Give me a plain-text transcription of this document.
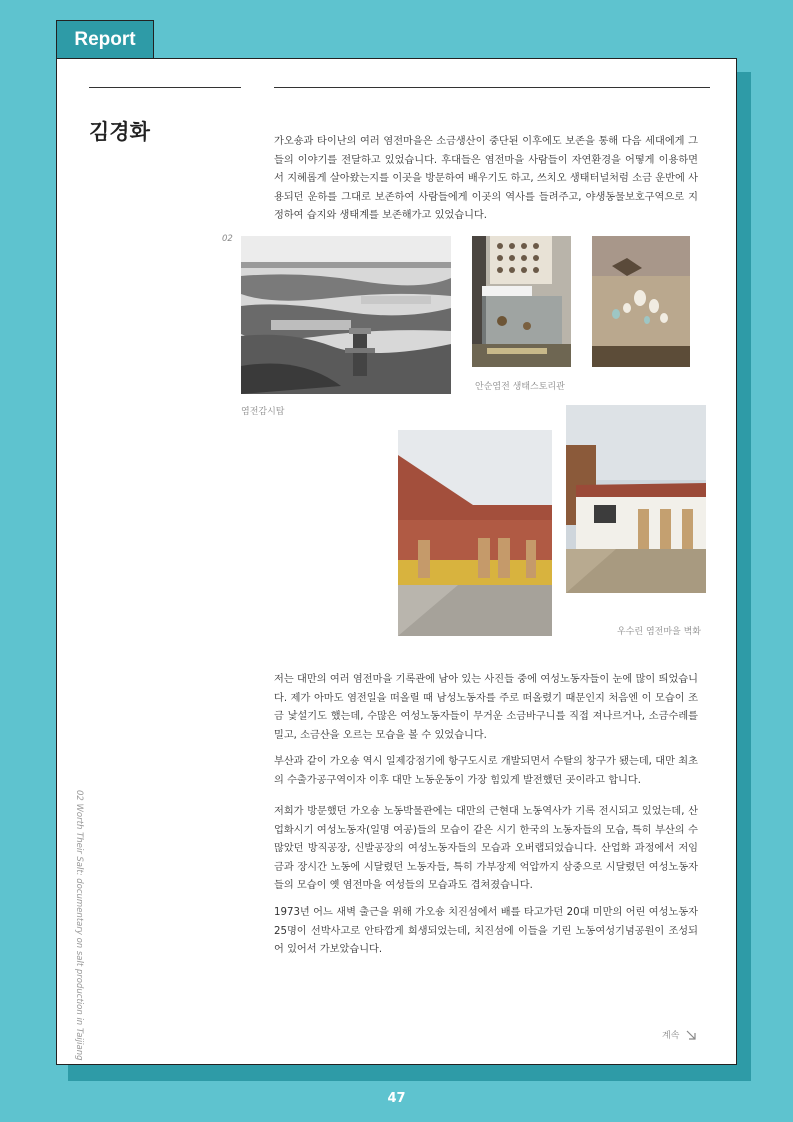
Report
김경화	가오숑과 타이난의 여러 염전마을은 소금생산이 중단된 이후에도 보존을 통해 다음 세대에게 그들의 이야기를 전달하고 있었습니다. 후대들은 염전마을 사람들이 자연환경을 어떻게 이용하면서 지혜롭게 살아왔는지를 이곳을 방문하여 배우기도 하고, 쓰치오 생태터널처럼 소금 운반에 사용되던 운하를 그대로 보존하여 사람들에게 이곳의 역사를 들려주고, 야생동물보호구역으로 지정하여 습지와 생태계를 보존해가고 있었습니다.

02
염전감시탑
안순염전 생태스토리관
우수린 염전마을 벽화

저는 대만의 여러 염전마을 기록관에 남아 있는 사진들 중에 여성노동자들이 눈에 많이 띄었습니다. 제가 아마도 염전일을 떠올릴 때 남성노동자를 주로 떠올렸기 때문인지 처음엔 이 모습이 조금 낯설기도 했는데, 수많은 여성노동자들이 무거운 소금바구니를 직접 져나르거나, 소금수레를 밀고, 소금산을 오르는 모습을 볼 수 있었습니다.

부산과 같이 가오숑 역시 일제강점기에 항구도시로 개발되면서 수탈의 창구가 됐는데, 대만 최초의 수출가공구역이자 이후 대만 노동운동이 가장 힘있게 발전했던 곳이라고 합니다.

저희가 방문했던 가오숑 노동박물관에는 대만의 근현대 노동역사가 기록 전시되고 있었는데, 산업화시기 여성노동자(일명 여공)들의 모습이 같은 시기 한국의 노동자들의 모습, 특히 부산의 수많았던 방직공장, 신발공장의 여성노동자들의 모습과 오버랩되었습니다. 산업화 과정에서 저임금과 장시간 노동에 시달렸던 노동자들, 특히 가부장제 억압까지 삼중으로 시달렸던 여성노동자들의 모습이 옛 염전마을 여성들의 모습과도 겹쳐졌습니다.

1973년 어느 새벽 출근을 위해 가오숑 치진섬에서 배를 타고가던 20대 미만의 어린 여성노동자 25명이 선박사고로 안타깝게 희생되었는데, 치진섬에 이들을 기린 노동여성기념공원이 조성되어 있어서 가보았습니다.

02 Worth Their Salt: documentary on salt production in Taijiang	계속
47
